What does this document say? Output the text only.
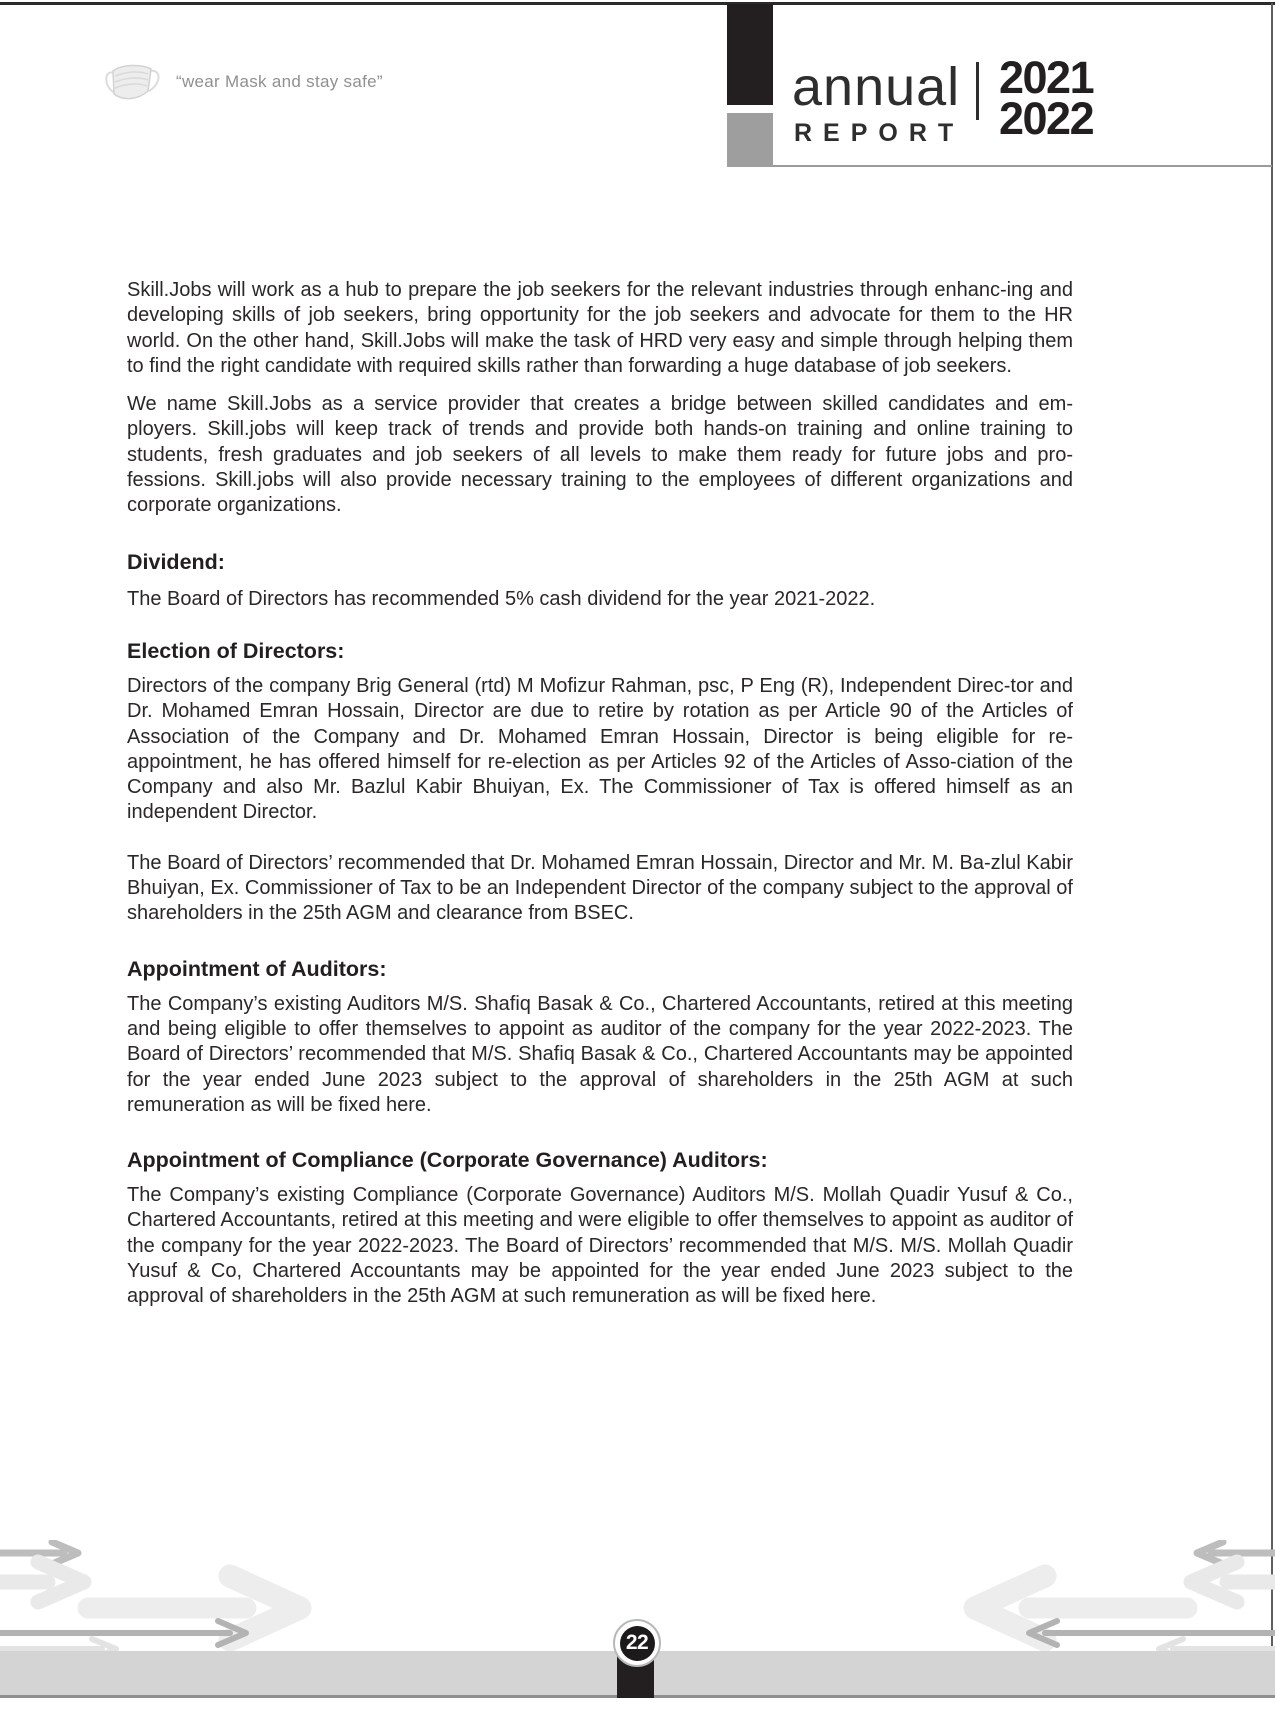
“wear Mask and stay safe”	annual
REPORT
2021
2022

Skill.Jobs will work as a hub to prepare the job seekers for the relevant industries through enhanc-ing and developing skills of job seekers, bring opportunity for the job seekers and advocate for them to the HR world. On the other hand, Skill.Jobs will make the task of HRD very easy and simple through helping them to find the right candidate with required skills rather than forwarding a huge database of job seekers.

We name Skill.Jobs as a service provider that creates a bridge between skilled candidates and em-ployers. Skill.jobs will keep track of trends and provide both hands-on training and online training to students, fresh graduates and job seekers of all levels to make them ready for future jobs and pro-fessions. Skill.jobs will also provide necessary training to the employees of different organizations and corporate organizations.

Dividend:

The Board of Directors has recommended 5% cash dividend for the year 2021-2022.

Election of Directors:

Directors of the company Brig General (rtd) M Mofizur Rahman, psc, P Eng (R), Independent Direc-tor and Dr. Mohamed Emran Hossain, Director are due to retire by rotation as per Article 90 of the Articles of Association of the Company and Dr. Mohamed Emran Hossain, Director is being eligible for re-appointment, he has offered himself for re-election as per Articles 92 of the Articles of Asso-ciation of the Company and also Mr. Bazlul Kabir Bhuiyan, Ex. The Commissioner of Tax is offered himself as an independent Director.

The Board of Directors’ recommended that Dr. Mohamed Emran Hossain, Director and Mr. M. Ba-zlul Kabir Bhuiyan, Ex. Commissioner of Tax to be an Independent Director of the company subject to the approval of shareholders in the 25th AGM and clearance from BSEC.

Appointment of Auditors:

The Company’s existing Auditors M/S. Shafiq Basak & Co., Chartered Accountants, retired at this meeting and being eligible to offer themselves to appoint as auditor of the company for the year 2022-2023. The Board of Directors’ recommended that M/S. Shafiq Basak & Co., Chartered Accountants may be appointed for the year ended June 2023 subject to the approval of shareholders in the 25th AGM at such remuneration as will be fixed here.

Appointment of Compliance (Corporate Governance) Auditors:

The Company’s existing Compliance (Corporate Governance) Auditors M/S. Mollah Quadir Yusuf & Co., Chartered Accountants, retired at this meeting and were eligible to offer themselves to appoint as auditor of the company for the year 2022-2023. The Board of Directors’ recommended that M/S. M/S. Mollah Quadir Yusuf & Co, Chartered Accountants may be appointed for the year ended June 2023 subject to the approval of shareholders in the 25th AGM at such remuneration as will be fixed here.

22
